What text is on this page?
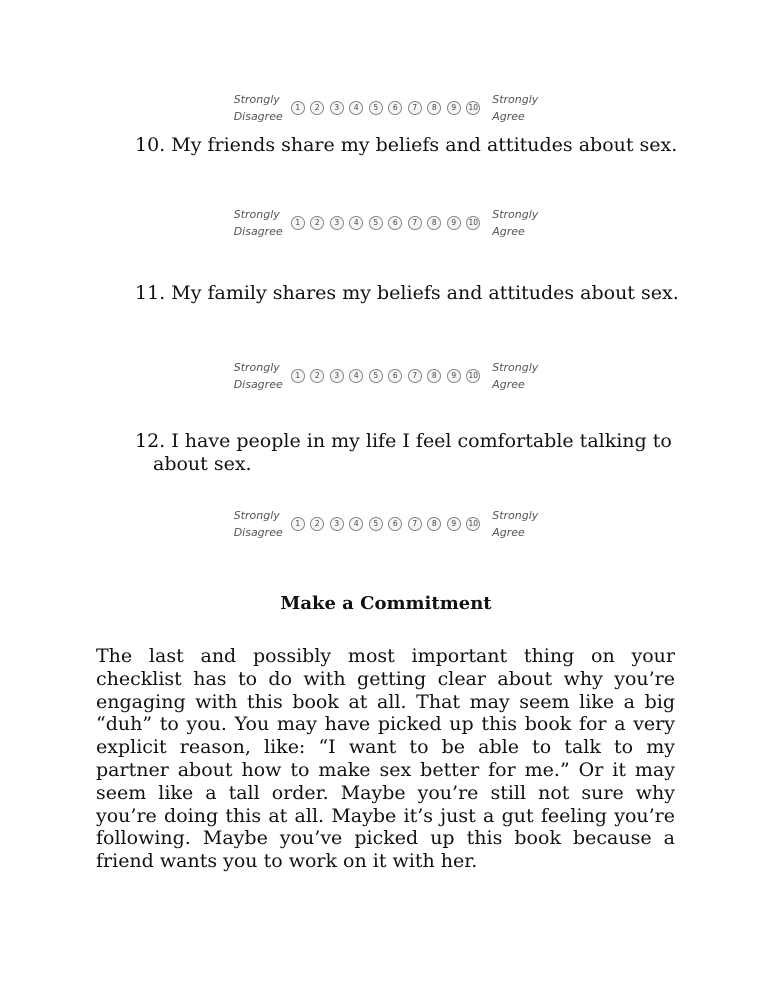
Strongly
Disagree
1	2	3	4	5	6	7	8	9	10
Strongly
Agree
10. My friends share my beliefs and attitudes about sex.
Strongly
Disagree
1	2	3	4	5	6	7	8	9	10
Strongly
Agree
11. My family shares my beliefs and attitudes about sex.
Strongly
Disagree
1	2	3	4	5	6	7	8	9	10
Strongly
Agree
12. I have people in my life I feel comfortable talking to about sex.
Strongly
Disagree
1	2	3	4	5	6	7	8	9	10
Strongly
Agree
Make a Commitment
The last and possibly most important thing on your checklist has to do with getting clear about why you’re engaging with this book at all. That may seem like a big “duh” to you. You may have picked up this book for a very explicit reason, like: “I want to be able to talk to my partner about how to make sex better for me.” Or it may seem like a tall order. Maybe you’re still not sure why you’re doing this at all. Maybe it’s just a gut feeling you’re following. Maybe you’ve picked up this book because a friend wants you to work on it with her.
